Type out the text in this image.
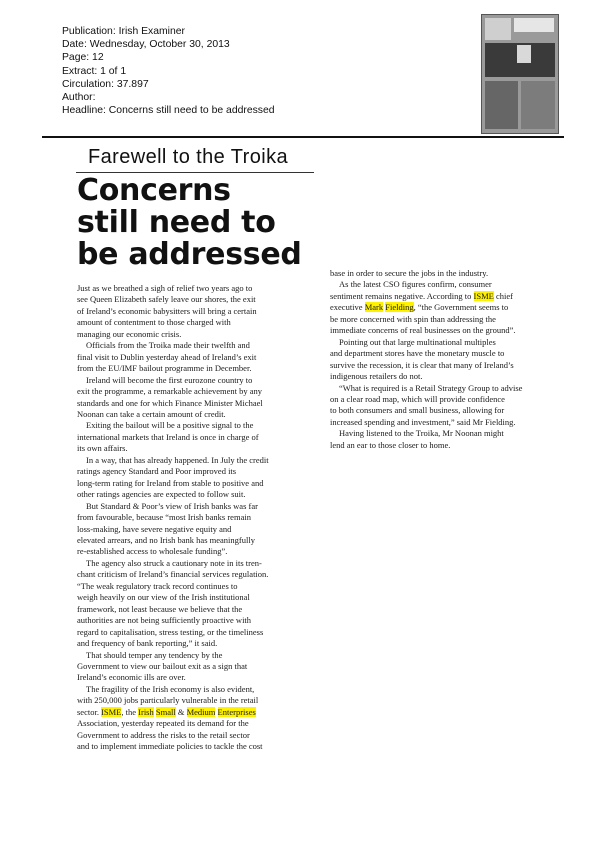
Publication: Irish Examiner
Date: Wednesday, October 30, 2013
Page: 12
Extract: 1 of 1
Circulation: 37.897
Author:
Headline: Concerns still need to be addressed
Farewell to the Troika
Concerns
still need to
be addressed

Just as we breathed a sigh of relief two years ago to
see Queen Elizabeth safely leave our shores, the exit
of Ireland’s economic babysitters will bring a certain
amount of contentment to those charged with
managing our economic crisis.

Officials from the Troika made their twelfth and
final visit to Dublin yesterday ahead of Ireland’s exit
from the EU/IMF bailout programme in December.

Ireland will become the first eurozone country to
exit the programme, a remarkable achievement by any
standards and one for which Finance Minister Michael
Noonan can take a certain amount of credit.

Exiting the bailout will be a positive signal to the
international markets that Ireland is once in charge of
its own affairs.

In a way, that has already happened. In July the credit
ratings agency Standard and Poor improved its
long-term rating for Ireland from stable to positive and
other ratings agencies are expected to follow suit.

But Standard & Poor’s view of Irish banks was far
from favourable, because “most Irish banks remain
loss-making, have severe negative equity and
elevated arrears, and no Irish bank has meaningfully
re-established access to wholesale funding”.

The agency also struck a cautionary note in its tren-
chant criticism of Ireland’s financial services regulation.
“The weak regulatory track record continues to
weigh heavily on our view of the Irish institutional
framework, not least because we believe that the
authorities are not being sufficiently proactive with
regard to capitalisation, stress testing, or the timeliness
and frequency of bank reporting,” it said.

That should temper any tendency by the
Government to view our bailout exit as a sign that
Ireland’s economic ills are over.

The fragility of the Irish economy is also evident,
with 250,000 jobs particularly vulnerable in the retail
sector. ISME, the Irish Small & Medium Enterprises
Association, yesterday repeated its demand for the
Government to address the risks to the retail sector
and to implement immediate policies to tackle the cost

base in order to secure the jobs in the industry.

As the latest CSO figures confirm, consumer
sentiment remains negative. According to ISME chief
executive Mark Fielding, “the Government seems to
be more concerned with spin than addressing the
immediate concerns of real businesses on the ground”.

Pointing out that large multinational multiples
and department stores have the monetary muscle to
survive the recession, it is clear that many of Ireland’s
indigenous retailers do not.

“What is required is a Retail Strategy Group to advise
on a clear road map, which will provide confidence
to both consumers and small business, allowing for
increased spending and investment,” said Mr Fielding.

Having listened to the Troika, Mr Noonan might
lend an ear to those closer to home.
